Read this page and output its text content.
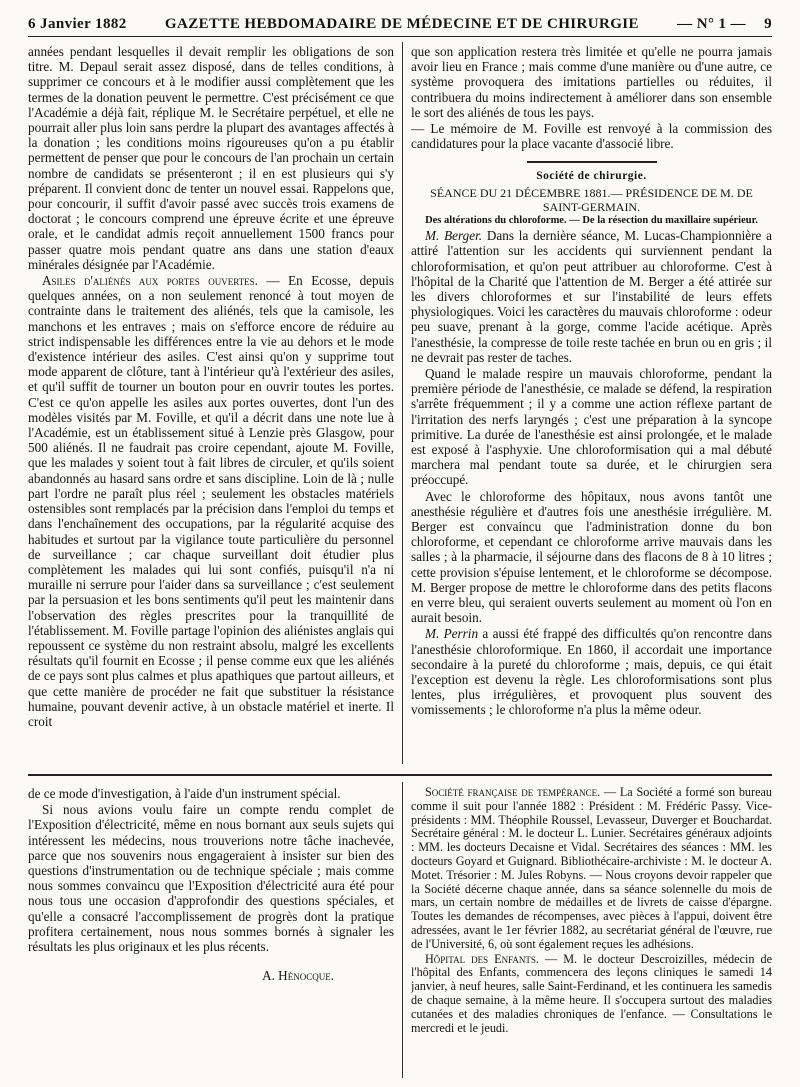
6 Janvier 1882	GAZETTE HEBDOMADAIRE DE MÉDECINE ET DE CHIRURGIE	— N° 1 — 9

années pendant lesquelles il devait remplir les obligations de son titre. M. Depaul serait assez disposé, dans de telles conditions, à supprimer ce concours et à le modifier aussi complètement que les termes de la donation peuvent le permettre. C'est précisément ce que l'Académie a déjà fait, réplique M. le Secrétaire perpétuel, et elle ne pourrait aller plus loin sans perdre la plupart des avantages affectés à la donation ; les conditions moins rigoureuses qu'on a pu établir permettent de penser que pour le concours de l'an prochain un certain nombre de candidats se présenteront ; il en est plusieurs qui s'y préparent. Il convient donc de tenter un nouvel essai. Rappelons que, pour concourir, il suffit d'avoir passé avec succès trois examens de doctorat ; le concours comprend une épreuve écrite et une épreuve orale, et le candidat admis reçoit annuellement 1500 francs pour passer quatre mois pendant quatre ans dans une station d'eaux minérales désignée par l'Académie.

Asiles d'aliénés aux portes ouvertes. — En Ecosse, depuis quelques années, on a non seulement renoncé à tout moyen de contrainte dans le traitement des aliénés, tels que la camisole, les manchons et les entraves ; mais on s'efforce encore de réduire au strict indispensable les différences entre la vie au dehors et le mode d'existence intérieur des asiles. C'est ainsi qu'on y supprime tout mode apparent de clôture, tant à l'intérieur qu'à l'extérieur des asiles, et qu'il suffit de tourner un bouton pour en ouvrir toutes les portes. C'est ce qu'on appelle les asiles aux portes ouvertes, dont l'un des modèles visités par M. Foville, et qu'il a décrit dans une note lue à l'Académie, est un établissement situé à Lenzie près Glasgow, pour 500 aliénés. Il ne faudrait pas croire cependant, ajoute M. Foville, que les malades y soient tout à fait libres de circuler, et qu'ils soient abandonnés au hasard sans ordre et sans discipline. Loin de là ; nulle part l'ordre ne paraît plus réel ; seulement les obstacles matériels ostensibles sont remplacés par la précision dans l'emploi du temps et dans l'enchaînement des occupations, par la régularité acquise des habitudes et surtout par la vigilance toute particulière du personnel de surveillance ; car chaque surveillant doit étudier plus complètement les malades qui lui sont confiés, puisqu'il n'a ni muraille ni serrure pour l'aider dans sa surveillance ; c'est seulement par la persuasion et les bons sentiments qu'il peut les maintenir dans l'observation des règles prescrites pour la tranquillité de l'établissement. M. Foville partage l'opinion des aliénistes anglais qui repoussent ce système du non restraint absolu, malgré les excellents résultats qu'il fournit en Ecosse ; il pense comme eux que les aliénés de ce pays sont plus calmes et plus apathiques que partout ailleurs, et que cette manière de procéder ne fait que substituer la résistance humaine, pouvant devenir active, à un obstacle matériel et inerte. Il croit

que son application restera très limitée et qu'elle ne pourra jamais avoir lieu en France ; mais comme d'une manière ou d'une autre, ce système provoquera des imitations partielles ou réduites, il contribuera du moins indirectement à améliorer dans son ensemble le sort des aliénés de tous les pays.

— Le mémoire de M. Foville est renvoyé à la commission des candidatures pour la place vacante d'associé libre.

Société de chirurgie.

SÉANCE DU 21 DÉCEMBRE 1881.— PRÉSIDENCE DE M. DE SAINT-GERMAIN.

Des altérations du chloroforme. — De la résection du maxillaire supérieur.

M. Berger. Dans la dernière séance, M. Lucas-Championnière a attiré l'attention sur les accidents qui surviennent pendant la chloroformisation, et qu'on peut attribuer au chloroforme. C'est à l'hôpital de la Charité que l'attention de M. Berger a été attirée sur les divers chloroformes et sur l'instabilité de leurs effets physiologiques. Voici les caractères du mauvais chloroforme : odeur peu suave, prenant à la gorge, comme l'acide acétique. Après l'anesthésie, la compresse de toile reste tachée en brun ou en gris ; il ne devrait pas rester de taches.

Quand le malade respire un mauvais chloroforme, pendant la première période de l'anesthésie, ce malade se défend, la respiration s'arrête fréquemment ; il y a comme une action réflexe partant de l'irritation des nerfs laryngés ; c'est une préparation à la syncope primitive. La durée de l'anesthésie est ainsi prolongée, et le malade est exposé à l'asphyxie. Une chloroformisation qui a mal débuté marchera mal pendant toute sa durée, et le chirurgien sera préoccupé.

Avec le chloroforme des hôpitaux, nous avons tantôt une anesthésie régulière et d'autres fois une anesthésie irrégulière. M. Berger est convaincu que l'administration donne du bon chloroforme, et cependant ce chloroforme arrive mauvais dans les salles ; à la pharmacie, il séjourne dans des flacons de 8 à 10 litres ; cette provision s'épuise lentement, et le chloroforme se décompose. M. Berger propose de mettre le chloroforme dans des petits flacons en verre bleu, qui seraient ouverts seulement au moment où l'on en aurait besoin.

M. Perrin a aussi été frappé des difficultés qu'on rencontre dans l'anesthésie chloroformique. En 1860, il accordait une importance secondaire à la pureté du chloroforme ; mais, depuis, ce qui était l'exception est devenu la règle. Les chloroformisations sont plus lentes, plus irrégulières, et provoquent plus souvent des vomissements ; le chloroforme n'a plus la même odeur.

de ce mode d'investigation, à l'aide d'un instrument spécial.

Si nous avions voulu faire un compte rendu complet de l'Exposition d'électricité, même en nous bornant aux seuls sujets qui intéressent les médecins, nous trouverions notre tâche inachevée, parce que nos souvenirs nous engageraient à insister sur bien des questions d'instrumentation ou de technique spéciale ; mais comme nous sommes convaincu que l'Exposition d'électricité aura été pour nous tous une occasion d'approfondir des questions spéciales, et qu'elle a consacré l'accomplissement de progrès dont la pratique profitera certainement, nous nous sommes bornés à signaler les résultats les plus originaux et les plus récents.

A. Hénocque.

Société française de tempérance. — La Société a formé son bureau comme il suit pour l'année 1882 : Président : M. Frédéric Passy. Vice-présidents : MM. Théophile Roussel, Levasseur, Duverger et Bouchardat. Secrétaire général : M. le docteur L. Lunier. Secrétaires généraux adjoints : MM. les docteurs Decaisne et Vidal. Secrétaires des séances : MM. les docteurs Goyard et Guignard. Bibliothécaire-archiviste : M. le docteur A. Motet. Trésorier : M. Jules Robyns. — Nous croyons devoir rappeler que la Société décerne chaque année, dans sa séance solennelle du mois de mars, un certain nombre de médailles et de livrets de caisse d'épargne. Toutes les demandes de récompenses, avec pièces à l'appui, doivent être adressées, avant le 1er février 1882, au secrétariat général de l'œuvre, rue de l'Université, 6, où sont également reçues les adhésions.

Hôpital des Enfants. — M. le docteur Descroizilles, médecin de l'hôpital des Enfants, commencera des leçons cliniques le samedi 14 janvier, à neuf heures, salle Saint-Ferdinand, et les continuera les samedis de chaque semaine, à la même heure. Il s'occupera surtout des maladies cutanées et des maladies chroniques de l'enfance. — Consultations le mercredi et le jeudi.
